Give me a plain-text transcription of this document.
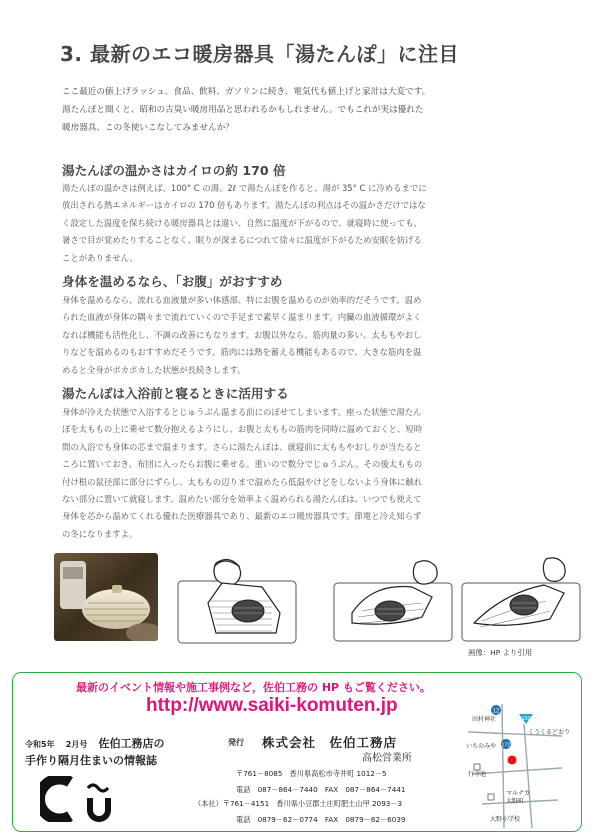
3. 最新のエコ暖房器具「湯たんぽ」に注目
ここ最近の値上げラッシュ、食品、飲料、ガソリンに続き、電気代も値上げと家計は大変です。
湯たんぽと聞くと、昭和の古臭い暖房用品と思われるかもしれません。でもこれが実は優れた
暖房器具、この冬使いこなしてみませんか？
湯たんぽの温かさはカイロの約 170 倍
湯たんぽの温かさは例えば、100° C の湯、2ℓ で湯たんぽを作ると、湯が 35° C に冷めるまでに
放出される熱エネルギーはカイロの 170 倍もあります。湯たんぽの利点はその温かさだけではな
く設定した温度を保ち続ける暖房器具とは違い、自然に温度が下がるので、就寝時に使っても、
暑さで目が覚めたりすることなく、眠りが深まるにつれて徐々に温度が下がるため安眠を妨げる
ことがありません。
身体を温めるなら、「お腹」がおすすめ
身体を温めるなら、流れる血液量が多い体感部、特にお腹を温めるのが効率的だそうです。温め
られた血液が身体の隅々まで流れていくので手足まで素早く温まります。内臓の血液循環がよく
なれば機能も活性化し、不調の改善にもなります。お腹以外なら、筋肉量の多い、太ももやおし
りなどを温めるのもおすすめだそうです。筋肉には熱を蓄える機能もあるので、大きな筋肉を温
めると全身がポカポカした状態が長続きします。
湯たんぽは入浴前と寝るときに活用する
身体が冷えた状態で入浴するとじゅうぶん温まる前にのぼせてしまいます。座った状態で湯たん
ぽを太ももの上に乗せて数分抱えるようにし、お腹と太ももの筋肉を同時に温めておくと、短時
間の入浴でも身体の芯まで温まります。さらに湯たんぽは、就寝前に太ももやおしりが当たると
ころに置いておき、布団に入ったらお腹に乗せる。重いので数分でじゅうぶん。その後太ももの
付け根の鼠径部に部分にずらし、太ももの辺りまで温めたら低温やけどをしないよう身体に触れ
ない部分に置いて就寝します。温めたい部分を効率よく温められる湯たんぽは、いつでも使えて
身体を芯から温めてくれる優れた医療器具であり、最新のエコ暖房器具です。節電と冷え知らず
の冬になりますよ。
画像：HP より引用
最新のイベント情報や施工事例など，佐伯工務の HP もご覧ください。
http://www.saiki-komuten.jp
令和5年 2月号 佐伯工務店の
手作り隔月住まいの情報誌
発行 株式会社　佐伯工務店
高松営業所
〒761－8085　香川県高松市寺井町 1012－5
電話　087－864－7440　FAX　087－864－7441
（本社）〒761－4151　香川県小豆郡土庄町肥土山甲 2093－3
電話　0879－62－0774　FAX　0879－62－6039
12
172
193
田村神社
くうくるどおり
いちのみや
行寺池
マルナカ
大野町
大野小学校
